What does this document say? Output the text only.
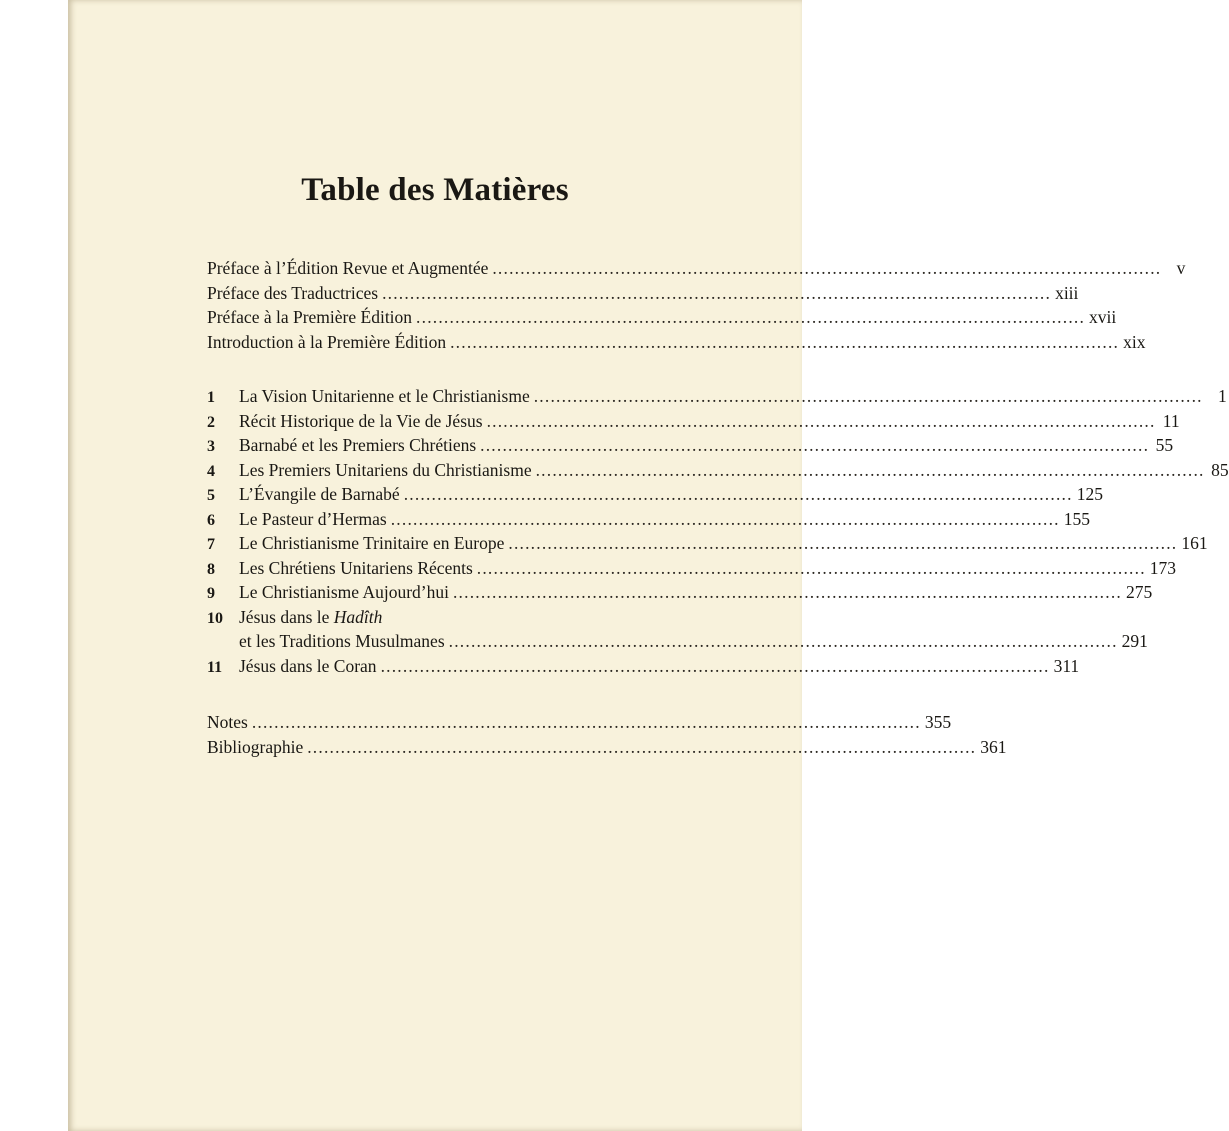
Table des Matières
Préface à l’Édition Revue et Augmentée ........................................................................................................................ v
Préface des Traductrices ........................................................................................................................ xiii
Préface à la Première Édition ........................................................................................................................ xvii
Introduction à la Première Édition ........................................................................................................................ xix
1	La Vision Unitarienne et le Christianisme ........................................................................................................................ 1
2	Récit Historique de la Vie de Jésus ........................................................................................................................ 11
3	Barnabé et les Premiers Chrétiens ........................................................................................................................ 55
4	Les Premiers Unitariens du Christianisme ........................................................................................................................ 85
5	L’Évangile de Barnabé ........................................................................................................................ 125
6	Le Pasteur d’Hermas ........................................................................................................................ 155
7	Le Christianisme Trinitaire en Europe ........................................................................................................................ 161
8	Les Chrétiens Unitariens Récents ........................................................................................................................ 173
9	Le Christianisme Aujourd’hui ........................................................................................................................ 275
10 Jésus dans le Hadîth
et les Traditions Musulmanes ........................................................................................................................ 291
11 Jésus dans le Coran ........................................................................................................................ 311
Notes ........................................................................................................................ 355
Bibliographie ........................................................................................................................ 361
